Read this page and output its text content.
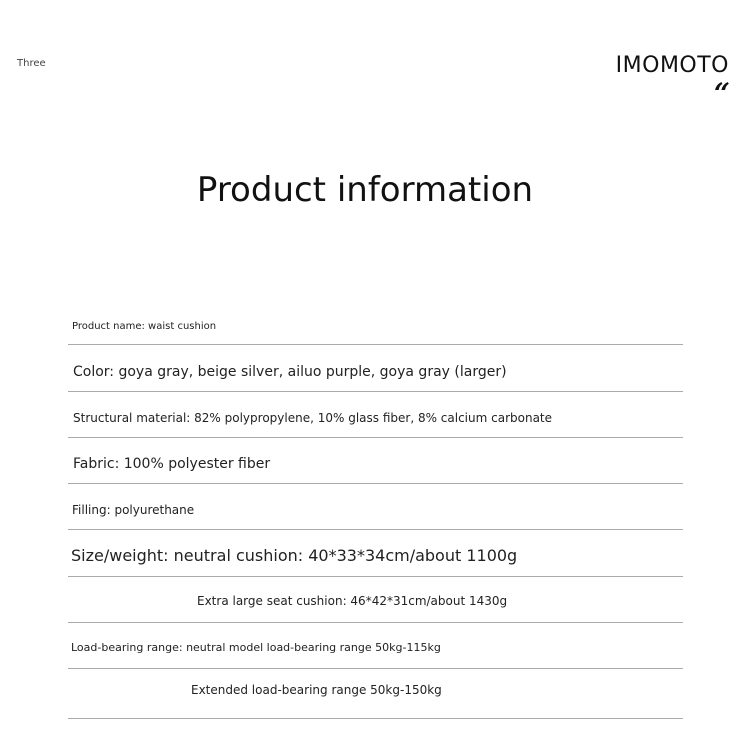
Three	IMOMOTO
“
Product information
Product name: waist cushion
Color: goya gray, beige silver, ailuo purple, goya gray (larger)
Structural material: 82% polypropylene, 10% glass fiber, 8% calcium carbonate
Fabric: 100% polyester fiber
Filling: polyurethane
Size/weight: neutral cushion: 40*33*34cm/about 1100g
Extra large seat cushion: 46*42*31cm/about 1430g
Load-bearing range: neutral model load-bearing range 50kg-115kg
Extended load-bearing range 50kg-150kg
